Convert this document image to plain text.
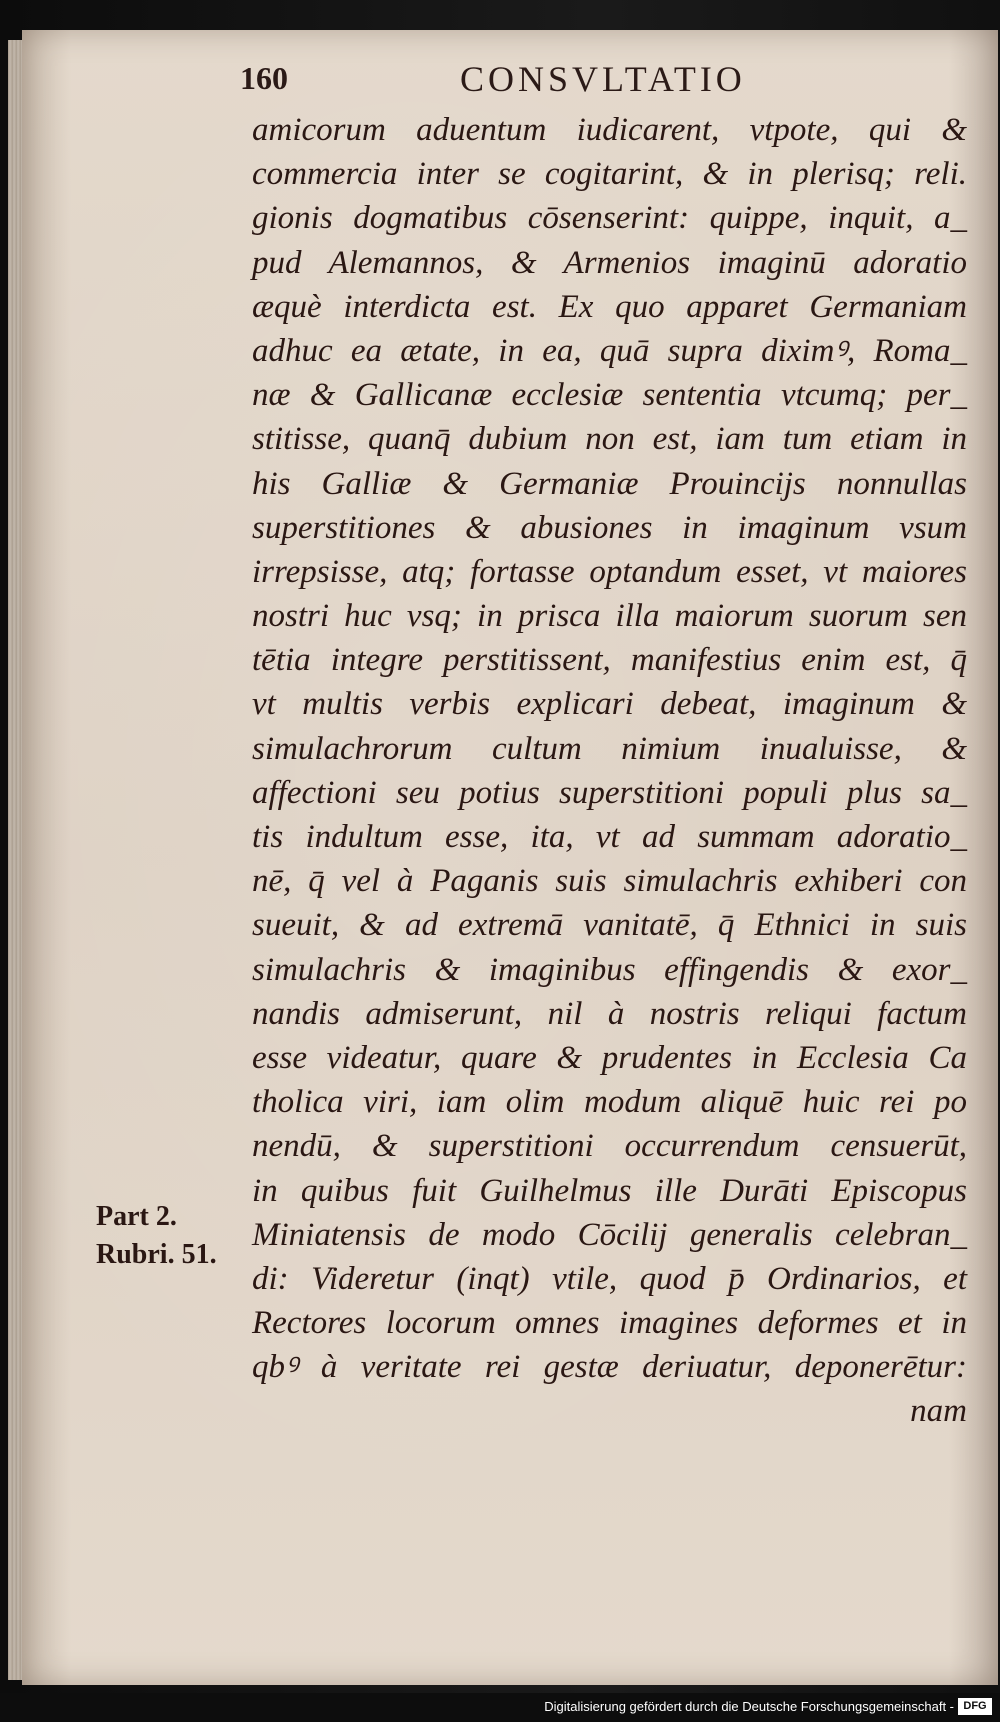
160	CONSVLTATIO
amicorum aduentum iudicarent, vtpote, qui &
commercia inter se cogitarint, & in plerisq; reli.
gionis dogmatibus cōsenserint: quippe, inquit, a_
pud Alemannos, & Armenios imaginū adoratio
æquè interdicta est. Ex quo apparet Germaniam
adhuc ea ætate, in ea, quā supra diximꝰ, Roma_
næ & Gallicanæ ecclesiæ sententia vtcumq; per_
stitisse, quanq̄ dubium non est, iam tum etiam in
his Galliæ & Germaniæ Prouincijs nonnullas
superstitiones & abusiones in imaginum vsum
irrepsisse, atq; fortasse optandum esset, vt maiores
nostri huc vsq; in prisca illa maiorum suorum sen
tētia integre perstitissent, manifestius enim est, q̄
vt multis verbis explicari debeat, imaginum &
simulachrorum cultum nimium inualuisse, &
affectioni seu potius superstitioni populi plus sa_
tis indultum esse, ita, vt ad summam adoratio_
nē, q̄ vel à Paganis suis simulachris exhiberi con
sueuit, & ad extremā vanitatē, q̄ Ethnici in suis
simulachris & imaginibus effingendis & exor_
nandis admiserunt, nil à nostris reliqui factum
esse videatur, quare & prudentes in Ecclesia Ca
tholica viri, iam olim modum aliquē huic rei po
nendū, & superstitioni occurrendum censuerūt,
in quibus fuit Guilhelmus ille Durāti Episcopus
Miniatensis de modo Cōcilij generalis celebran_
di: Videretur (inqt) vtile, quod p̄ Ordinarios, et
Rectores locorum omnes imagines deformes et in
qbꝰ à veritate rei gestæ deriuatur, deponerētur:
nam
Part 2.
Rubri. 51.
Digitalisierung gefördert durch die Deutsche Forschungsgemeinschaft - DFG
